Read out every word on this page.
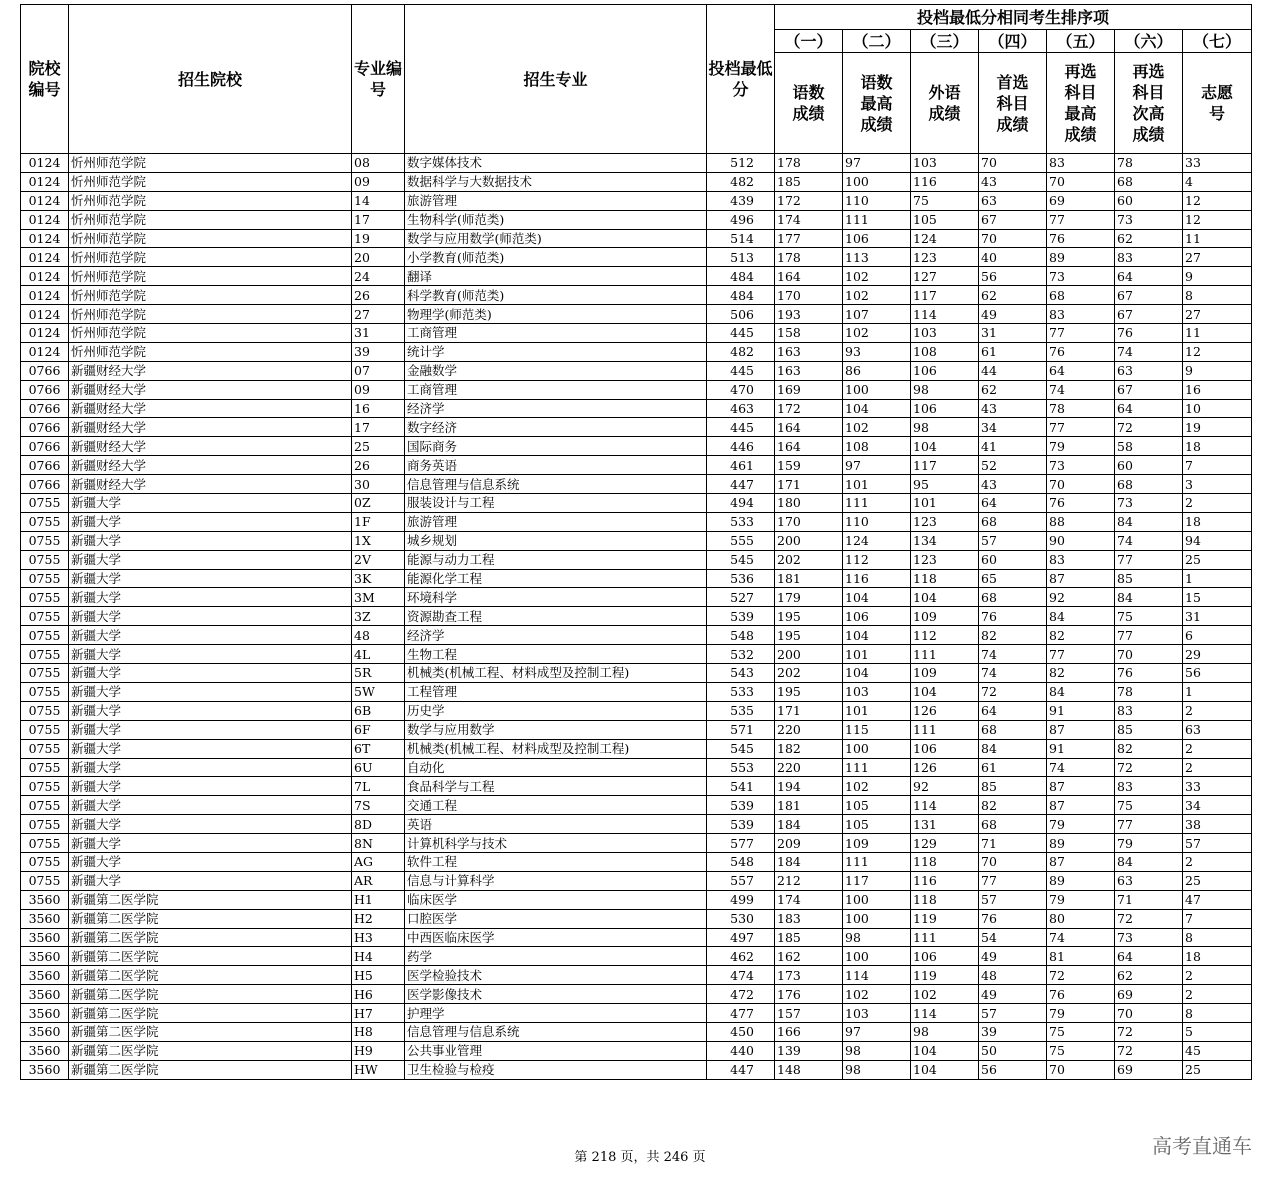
院校编号	招生院校	专业编号	招生专业	投档最低分	投档最低分相同考生排序项						
					（一）	（二）	（三）	（四）	（五）	（六）	（七）
					语数成绩	语数最高成绩	外语成绩	首选科目成绩	再选科目最高成绩	再选科目次高成绩	志愿号
0124	忻州师范学院	08	数字媒体技术	512	178	97	103	70	83	78	33
0124	忻州师范学院	09	数据科学与大数据技术	482	185	100	116	43	70	68	4
0124	忻州师范学院	14	旅游管理	439	172	110	75	63	69	60	12
0124	忻州师范学院	17	生物科学(师范类)	496	174	111	105	67	77	73	12
0124	忻州师范学院	19	数学与应用数学(师范类)	514	177	106	124	70	76	62	11
0124	忻州师范学院	20	小学教育(师范类)	513	178	113	123	40	89	83	27
0124	忻州师范学院	24	翻译	484	164	102	127	56	73	64	9
0124	忻州师范学院	26	科学教育(师范类)	484	170	102	117	62	68	67	8
0124	忻州师范学院	27	物理学(师范类)	506	193	107	114	49	83	67	27
0124	忻州师范学院	31	工商管理	445	158	102	103	31	77	76	11
0124	忻州师范学院	39	统计学	482	163	93	108	61	76	74	12
0766	新疆财经大学	07	金融数学	445	163	86	106	44	64	63	9
0766	新疆财经大学	09	工商管理	470	169	100	98	62	74	67	16
0766	新疆财经大学	16	经济学	463	172	104	106	43	78	64	10
0766	新疆财经大学	17	数字经济	445	164	102	98	34	77	72	19
0766	新疆财经大学	25	国际商务	446	164	108	104	41	79	58	18
0766	新疆财经大学	26	商务英语	461	159	97	117	52	73	60	7
0766	新疆财经大学	30	信息管理与信息系统	447	171	101	95	43	70	68	3
0755	新疆大学	0Z	服装设计与工程	494	180	111	101	64	76	73	2
0755	新疆大学	1F	旅游管理	533	170	110	123	68	88	84	18
0755	新疆大学	1X	城乡规划	555	200	124	134	57	90	74	94
0755	新疆大学	2V	能源与动力工程	545	202	112	123	60	83	77	25
0755	新疆大学	3K	能源化学工程	536	181	116	118	65	87	85	1
0755	新疆大学	3M	环境科学	527	179	104	104	68	92	84	15
0755	新疆大学	3Z	资源勘查工程	539	195	106	109	76	84	75	31
0755	新疆大学	48	经济学	548	195	104	112	82	82	77	6
0755	新疆大学	4L	生物工程	532	200	101	111	74	77	70	29
0755	新疆大学	5R	机械类(机械工程、材料成型及控制工程)	543	202	104	109	74	82	76	56
0755	新疆大学	5W	工程管理	533	195	103	104	72	84	78	1
0755	新疆大学	6B	历史学	535	171	101	126	64	91	83	2
0755	新疆大学	6F	数学与应用数学	571	220	115	111	68	87	85	63
0755	新疆大学	6T	机械类(机械工程、材料成型及控制工程)	545	182	100	106	84	91	82	2
0755	新疆大学	6U	自动化	553	220	111	126	61	74	72	2
0755	新疆大学	7L	食品科学与工程	541	194	102	92	85	87	83	33
0755	新疆大学	7S	交通工程	539	181	105	114	82	87	75	34
0755	新疆大学	8D	英语	539	184	105	131	68	79	77	38
0755	新疆大学	8N	计算机科学与技术	577	209	109	129	71	89	79	57
0755	新疆大学	AG	软件工程	548	184	111	118	70	87	84	2
0755	新疆大学	AR	信息与计算科学	557	212	117	116	77	89	63	25
3560	新疆第二医学院	H1	临床医学	499	174	100	118	57	79	71	47
3560	新疆第二医学院	H2	口腔医学	530	183	100	119	76	80	72	7
3560	新疆第二医学院	H3	中西医临床医学	497	185	98	111	54	74	73	8
3560	新疆第二医学院	H4	药学	462	162	100	106	49	81	64	18
3560	新疆第二医学院	H5	医学检验技术	474	173	114	119	48	72	62	2
3560	新疆第二医学院	H6	医学影像技术	472	176	102	102	49	76	69	2
3560	新疆第二医学院	H7	护理学	477	157	103	114	57	79	70	8
3560	新疆第二医学院	H8	信息管理与信息系统	450	166	97	98	39	75	72	5
3560	新疆第二医学院	H9	公共事业管理	440	139	98	104	50	75	72	45
3560	新疆第二医学院	HW	卫生检验与检疫	447	148	98	104	56	70	69	25
第 218 页，共 246 页	高考直通车
